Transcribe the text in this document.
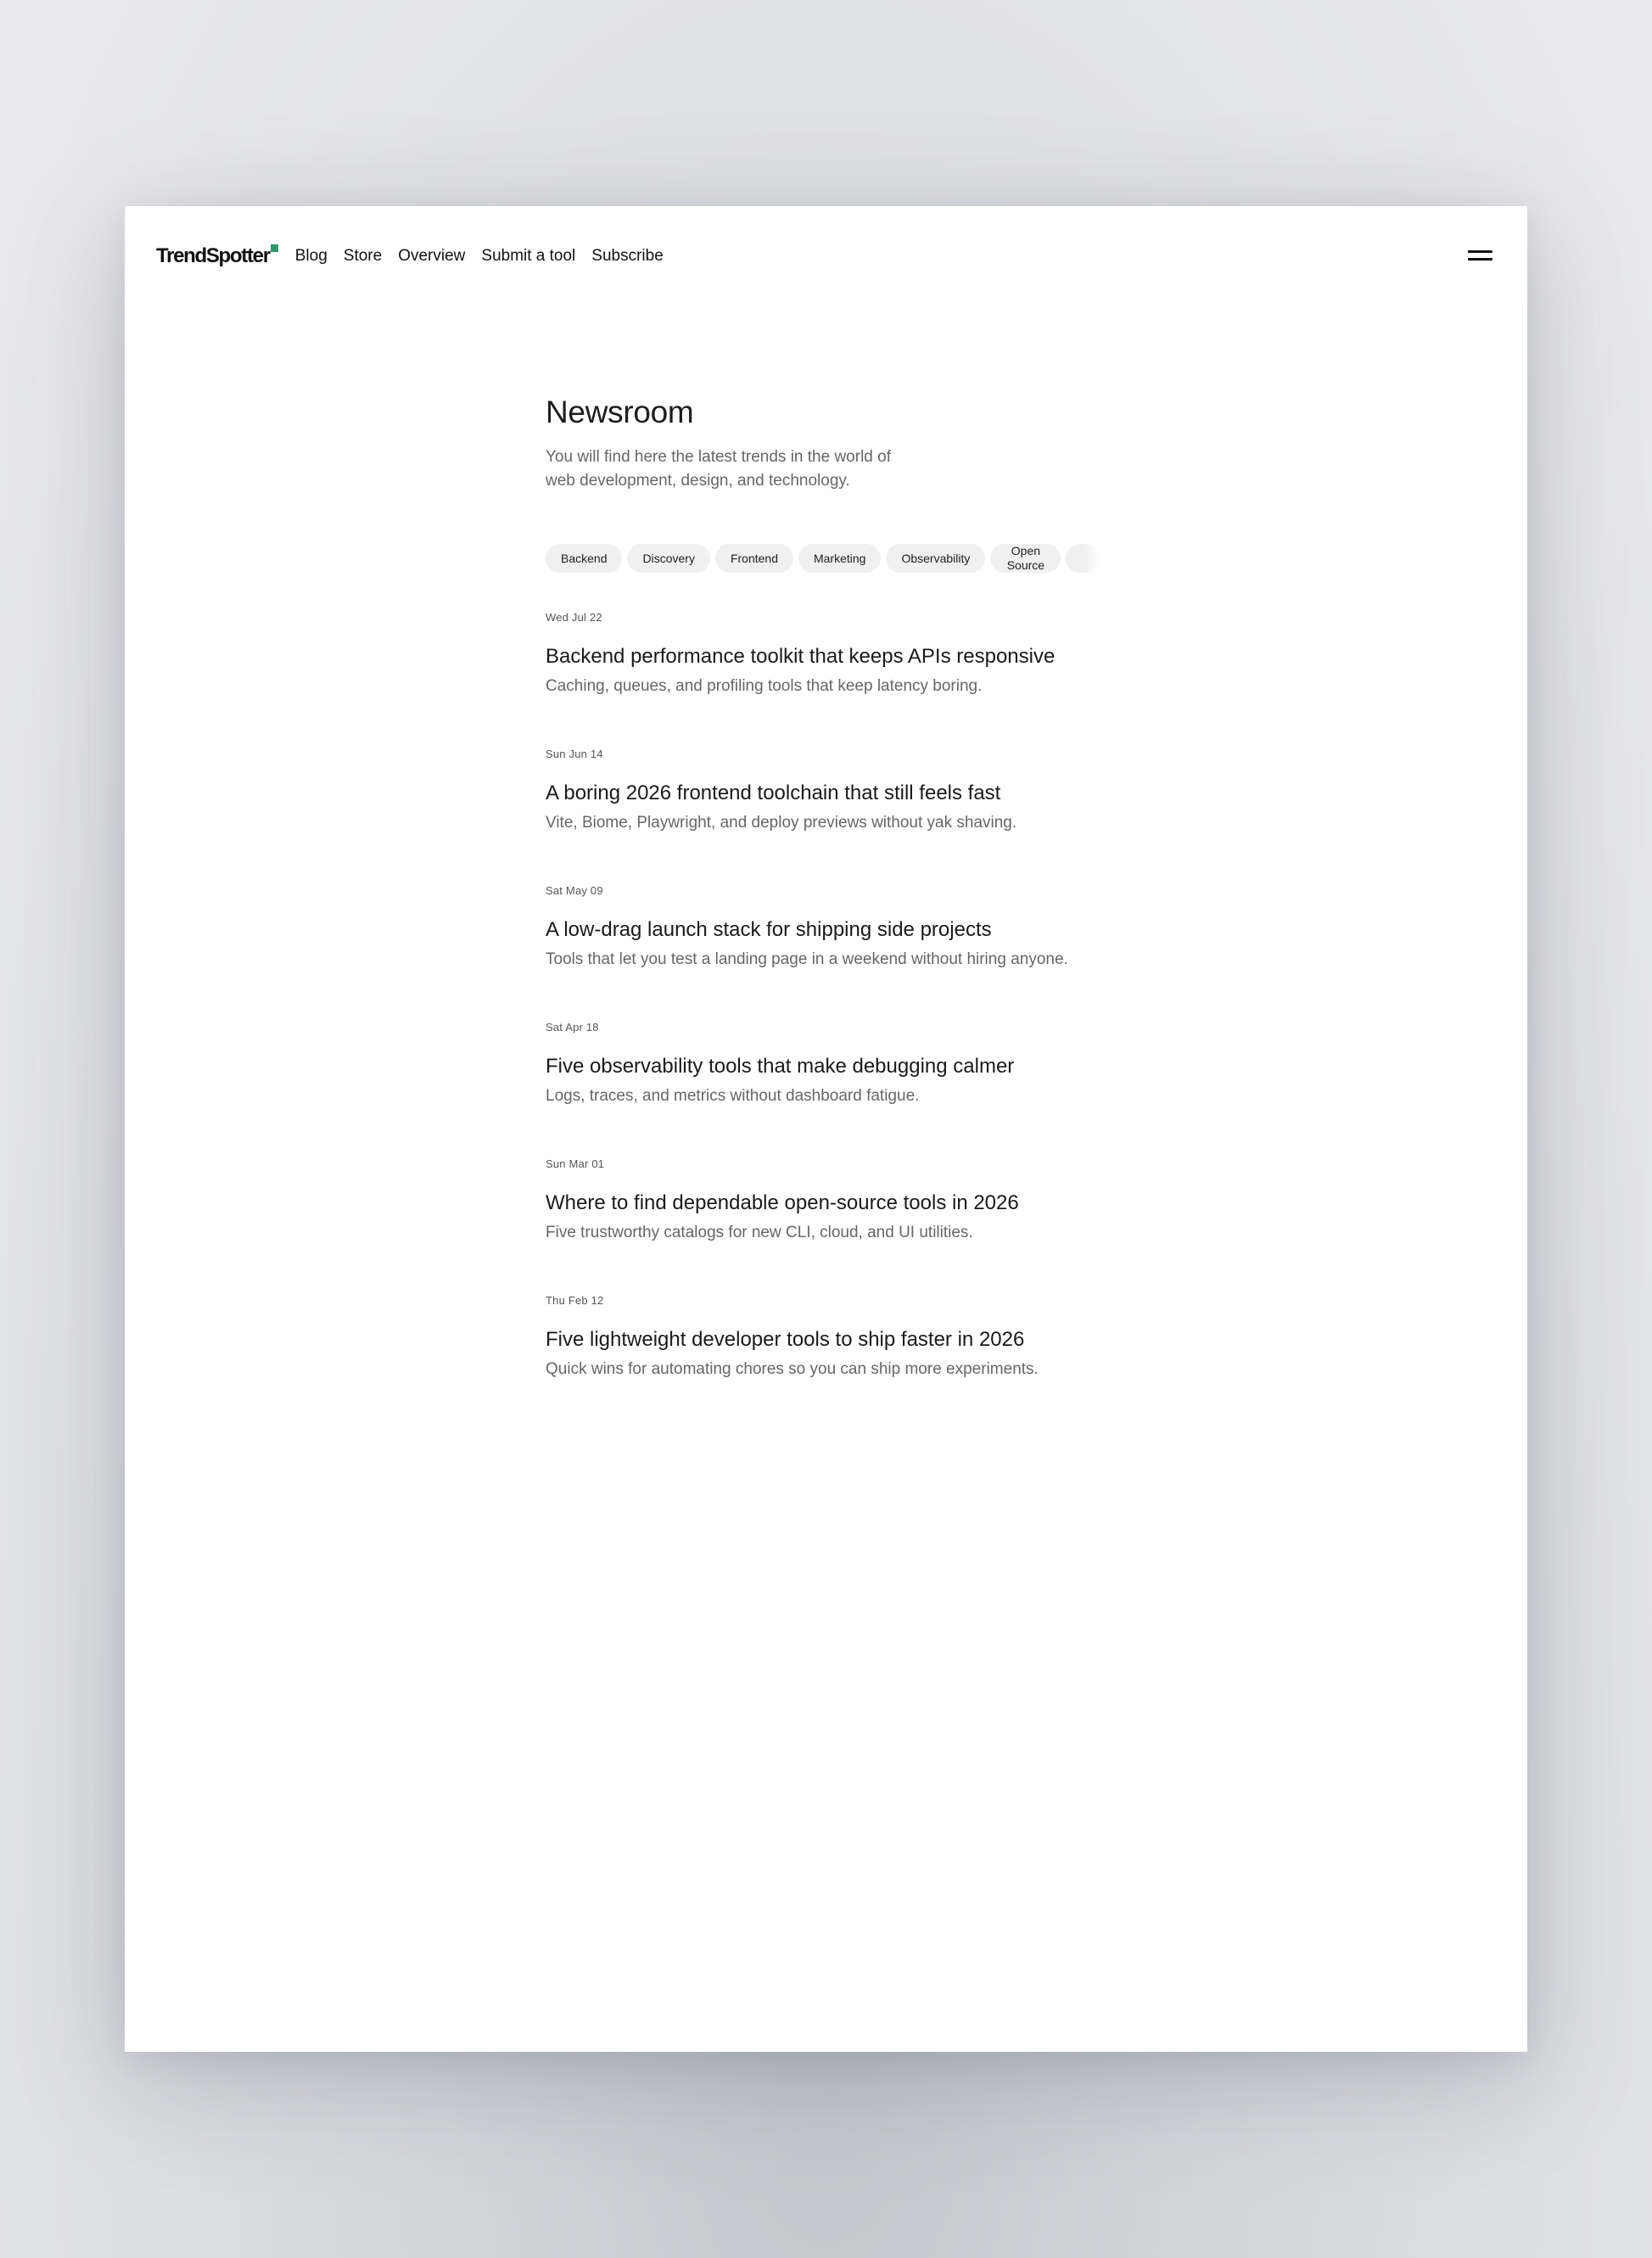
TrendSpotter Blog Store Overview Submit a tool Subscribe
Newsroom

You will find here the latest trends in the world of web development, design, and technology.

Backend	Discovery	Frontend	Marketing	ObservabilityOpen Source
Wed Jul 22
Backend performance toolkit that keeps APIs responsive

Caching, queues, and profiling tools that keep latency boring.

Sun Jun 14
A boring 2026 frontend toolchain that still feels fast

Vite, Biome, Playwright, and deploy previews without yak shaving.

Sat May 09
A low-drag launch stack for shipping side projects

Tools that let you test a landing page in a weekend without hiring anyone.

Sat Apr 18
Five observability tools that make debugging calmer

Logs, traces, and metrics without dashboard fatigue.

Sun Mar 01
Where to find dependable open-source tools in 2026

Five trustworthy catalogs for new CLI, cloud, and UI utilities.

Thu Feb 12
Five lightweight developer tools to ship faster in 2026

Quick wins for automating chores so you can ship more experiments.
